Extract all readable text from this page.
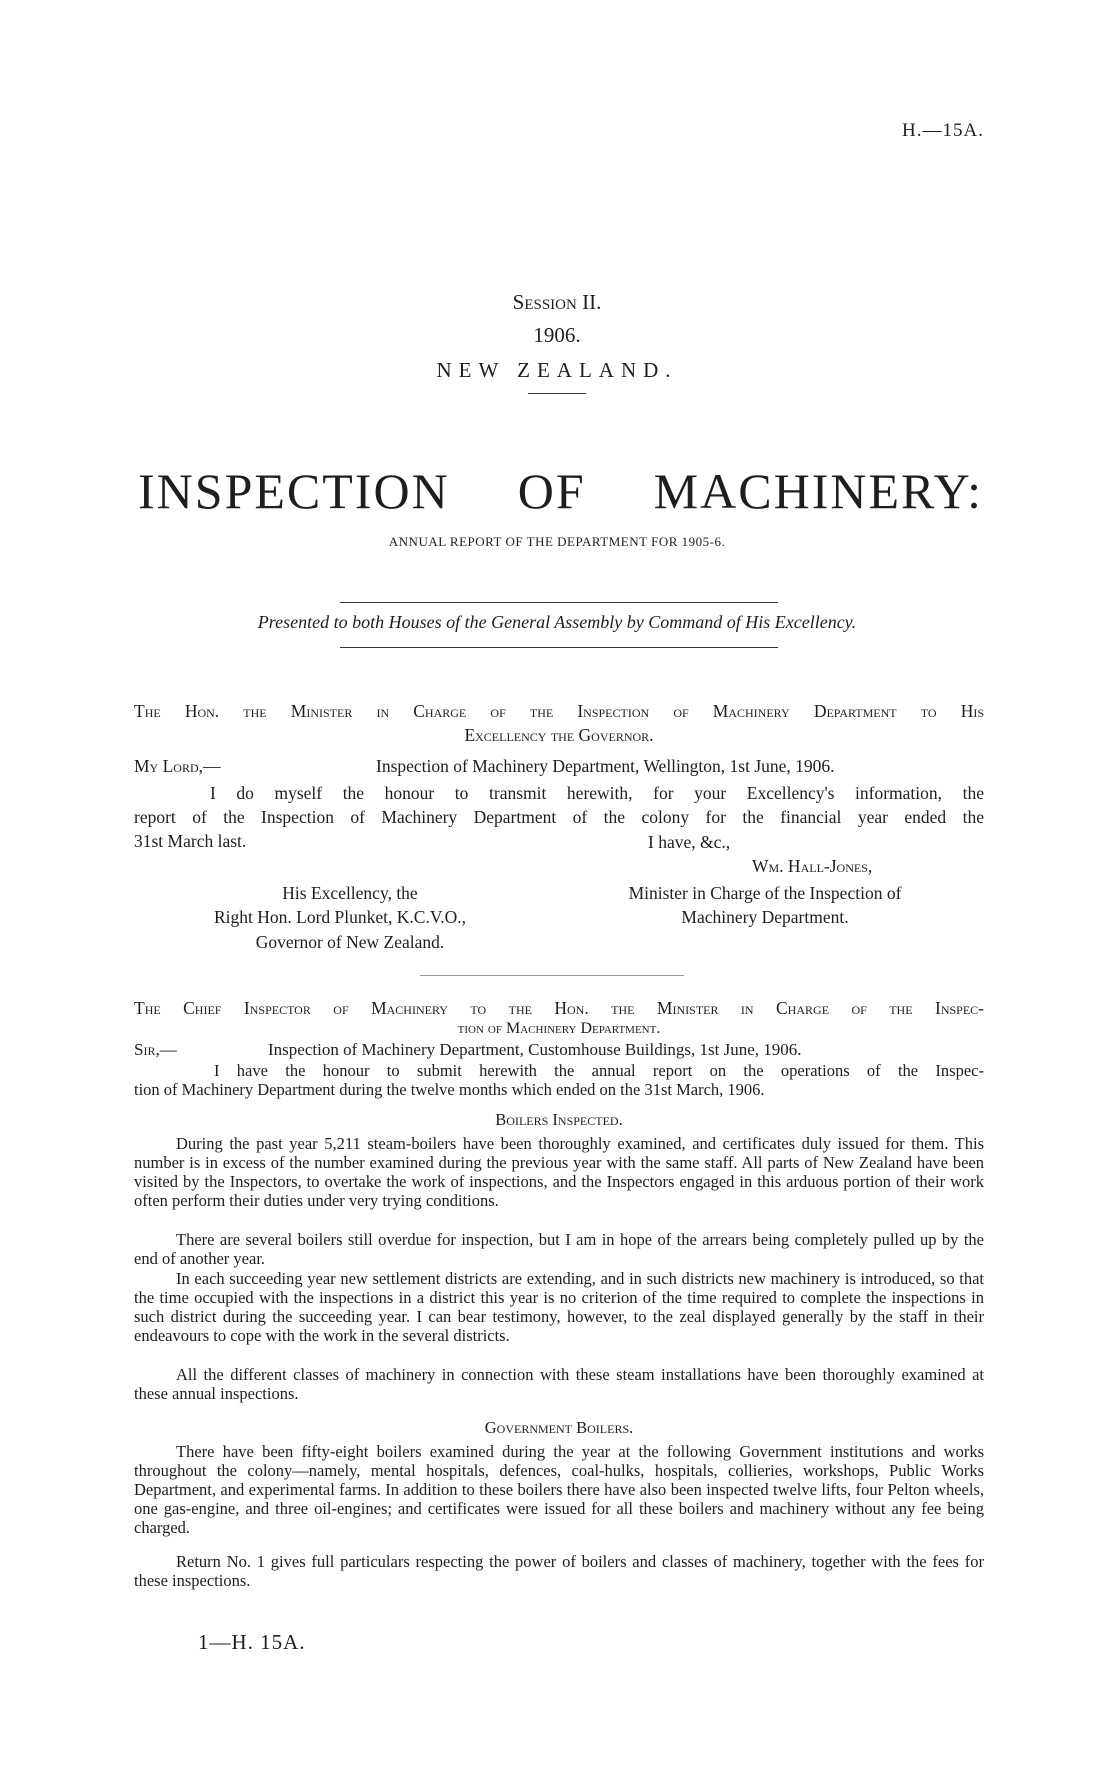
H.—15A.
Session II.
1906.
NEW ZEALAND.
INSPECTION OF MACHINERY:
ANNUAL REPORT OF THE DEPARTMENT FOR 1905-6.
Presented to both Houses of the General Assembly by Command of His Excellency.
The Hon. the Minister in Charge of the Inspection of Machinery Department to His
Excellency the Governor.
My Lord,—	Inspection of Machinery Department, Wellington, 1st June, 1906.
I do myself the honour to transmit herewith, for your Excellency's information, the
report of the Inspection of Machinery Department of the colony for the financial year ended the
31st March last.	I have, &c.,
Wm. Hall-Jones,
Minister in Charge of the Inspection of
Machinery Department.
His Excellency, the
Right Hon. Lord Plunket, K.C.V.O.,
Governor of New Zealand.
The Chief Inspector of Machinery to the Hon. the Minister in Charge of the Inspec-
tion of Machinery Department.
Sir,—	Inspection of Machinery Department, Customhouse Buildings, 1st June, 1906.
I have the honour to submit herewith the annual report on the operations of the Inspec-
tion of Machinery Department during the twelve months which ended on the 31st March, 1906.
Boilers Inspected.
During the past year 5,211 steam-boilers have been thoroughly examined, and certificates duly issued for them. This number is in excess of the number examined during the previous year with the same staff. All parts of New Zealand have been visited by the Inspectors, to overtake the work of inspections, and the Inspectors engaged in this arduous portion of their work often perform their duties under very trying conditions.
There are several boilers still overdue for inspection, but I am in hope of the arrears being completely pulled up by the end of another year.
In each succeeding year new settlement districts are extending, and in such districts new machinery is introduced, so that the time occupied with the inspections in a district this year is no criterion of the time required to complete the inspections in such district during the succeeding year. I can bear testimony, however, to the zeal displayed generally by the staff in their endeavours to cope with the work in the several districts.
All the different classes of machinery in connection with these steam installations have been thoroughly examined at these annual inspections.
Government Boilers.
There have been fifty-eight boilers examined during the year at the following Government institutions and works throughout the colony—namely, mental hospitals, defences, coal-hulks, hospitals, collieries, workshops, Public Works Department, and experimental farms. In addition to these boilers there have also been inspected twelve lifts, four Pelton wheels, one gas-engine, and three oil-engines; and certificates were issued for all these boilers and machinery without any fee being charged.
Return No. 1 gives full particulars respecting the power of boilers and classes of machinery, together with the fees for these inspections.
1—H. 15A.
